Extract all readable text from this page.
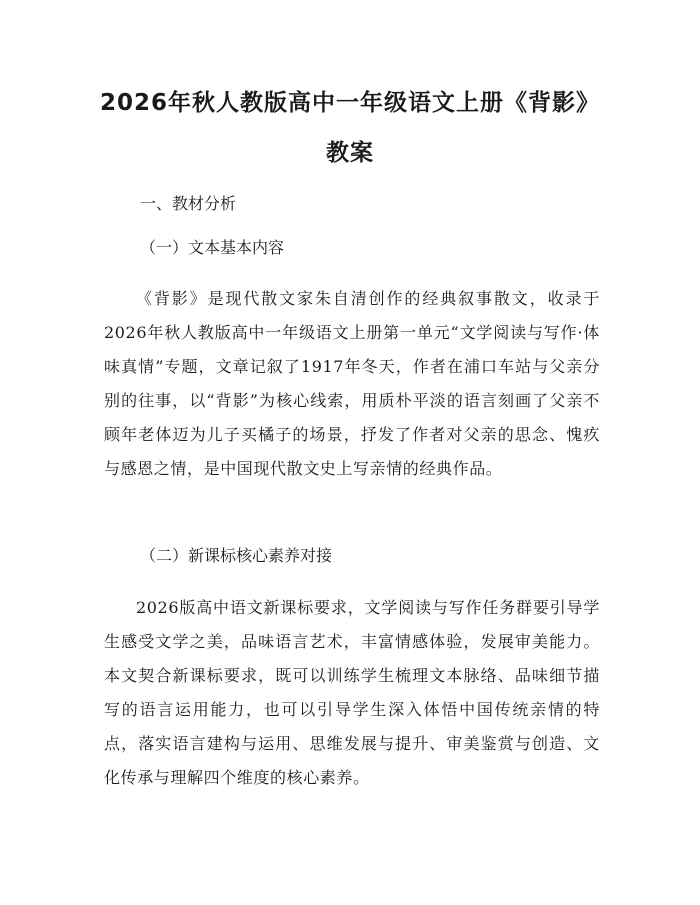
2026年秋人教版高中一年级语文上册《背影》教案
一、教材分析
（一）文本基本内容

《背影》是现代散文家朱自清创作的经典叙事散文，收录于2026年秋人教版高中一年级语文上册第一单元“文学阅读与写作·体味真情”专题，文章记叙了1917年冬天，作者在浦口车站与父亲分别的往事，以“背影”为核心线索，用质朴平淡的语言刻画了父亲不顾年老体迈为儿子买橘子的场景，抒发了作者对父亲的思念、愧疚与感恩之情，是中国现代散文史上写亲情的经典作品。

（二）新课标核心素养对接

2026版高中语文新课标要求，文学阅读与写作任务群要引导学生感受文学之美，品味语言艺术，丰富情感体验，发展审美能力。本文契合新课标要求，既可以训练学生梳理文本脉络、品味细节描写的语言运用能力，也可以引导学生深入体悟中国传统亲情的特点，落实语言建构与运用、思维发展与提升、审美鉴赏与创造、文化传承与理解四个维度的核心素养。
